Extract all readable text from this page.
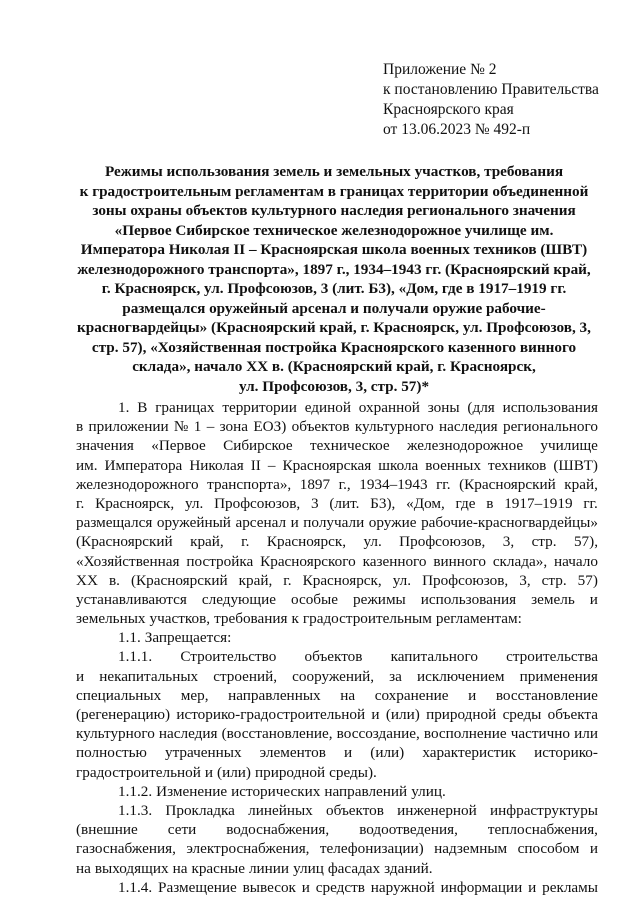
Приложение № 2
к постановлению Правительства
Красноярского края
от 13.06.2023 № 492-п
Режимы использования земель и земельных участков, требования
к градостроительным регламентам в границах территории объединенной
зоны охраны объектов культурного наследия регионального значения
«Первое Сибирское техническое железнодорожное училище им.
Императора Николая II – Красноярская школа военных техников (ШВТ)
железнодорожного транспорта», 1897 г., 1934–1943 гг. (Красноярский край,
г. Красноярск, ул. Профсоюзов, 3 (лит. Б3), «Дом, где в 1917–1919 гг.
размещался оружейный арсенал и получали оружие рабочие-
красногвардейцы» (Красноярский край, г. Красноярск, ул. Профсоюзов, 3,
стр. 57), «Хозяйственная постройка Красноярского казенного винного
склада», начало XX в. (Красноярский край, г. Красноярск,
ул. Профсоюзов, 3, стр. 57)*
1. В границах территории единой охранной зоны (для использования
в приложении № 1 – зона ЕОЗ) объектов культурного наследия регионального
значения «Первое Сибирское техническое железнодорожное училище
им. Императора Николая II – Красноярская школа военных техников (ШВТ)
железнодорожного транспорта», 1897 г., 1934–1943 гг. (Красноярский край,
г. Красноярск, ул. Профсоюзов, 3 (лит. Б3), «Дом, где в 1917–1919 гг.
размещался оружейный арсенал и получали оружие рабочие-красногвардейцы»
(Красноярский край, г. Красноярск, ул. Профсоюзов, 3, стр. 57),
«Хозяйственная постройка Красноярского казенного винного склада», начало
XX в. (Красноярский край, г. Красноярск, ул. Профсоюзов, 3, стр. 57)
устанавливаются следующие особые режимы использования земель и
земельных участков, требования к градостроительным регламентам:
1.1. Запрещается:
1.1.1. Строительство объектов капитального строительства
и некапитальных строений, сооружений, за исключением применения
специальных мер, направленных на сохранение и восстановление
(регенерацию) историко-градостроительной и (или) природной среды объекта
культурного наследия (восстановление, воссоздание, восполнение частично или
полностью утраченных элементов и (или) характеристик историко-
градостроительной и (или) природной среды).
1.1.2. Изменение исторических направлений улиц.
1.1.3. Прокладка линейных объектов инженерной инфраструктуры
(внешние сети водоснабжения, водоотведения, теплоснабжения,
газоснабжения, электроснабжения, телефонизации) надземным способом и
на выходящих на красные линии улиц фасадах зданий.
1.1.4. Размещение вывесок и средств наружной информации и рекламы
